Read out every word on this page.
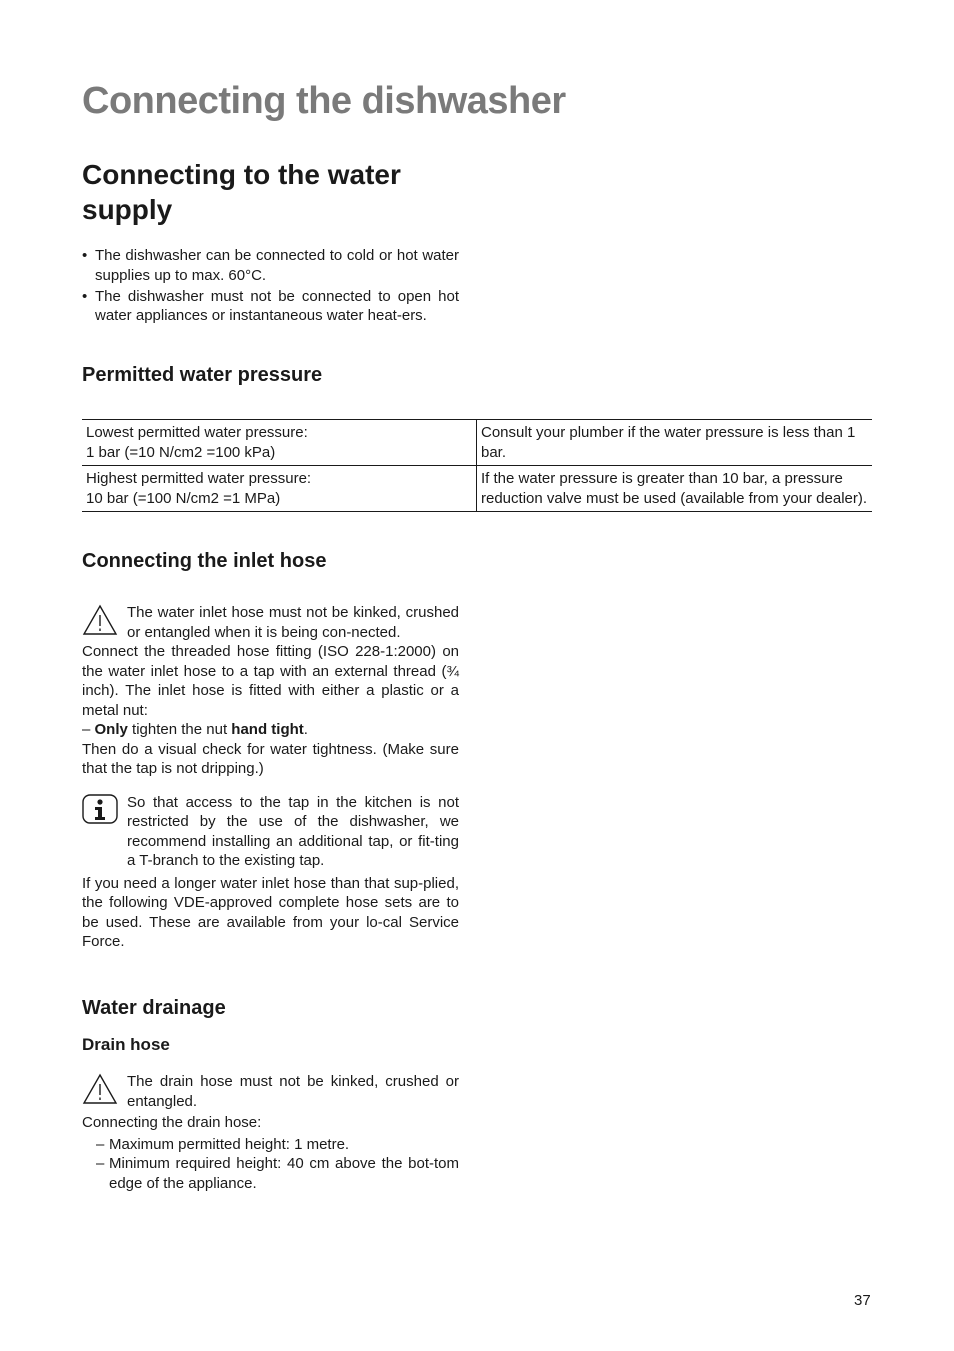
Connecting the dishwasher
Connecting to the water supply
• The dishwasher can be connected to cold or hot water supplies up to max. 60°C.
• The dishwasher must not be connected to open hot water appliances or instantaneous water heat-ers.
Permitted water pressure
Lowest permitted water pressure:
1 bar (=10 N/cm2 =100 kPa)	Consult your plumber if the water pressure is less than 1 bar.
Highest permitted water pressure:
10 bar (=100 N/cm2 =1 MPa)	If the water pressure is greater than 10 bar, a pressure reduction valve must be used (available from your dealer).
Connecting the inlet hose
The water inlet hose must not be kinked, crushed or entangled when it is being con-nected.
Connect the threaded hose fitting (ISO 228-1:2000) on the water inlet hose to a tap with an external thread (¾ inch). The inlet hose is fitted with either a plastic or a metal nut:
– Only tighten the nut hand tight.
Then do a visual check for water tightness. (Make sure that the tap is not dripping.)
So that access to the tap in the kitchen is not restricted by the use of the dishwasher, we recommend installing an additional tap, or fit-ting a T-branch to the existing tap.
If you need a longer water inlet hose than that sup-plied, the following VDE-approved complete hose sets are to be used. These are available from your lo-cal Service Force.
Water drainage
Drain hose
The drain hose must not be kinked, crushed or entangled.
Connecting the drain hose:
– Maximum permitted height: 1 metre.
– Minimum required height: 40 cm above the bot-tom edge of the appliance.
37
